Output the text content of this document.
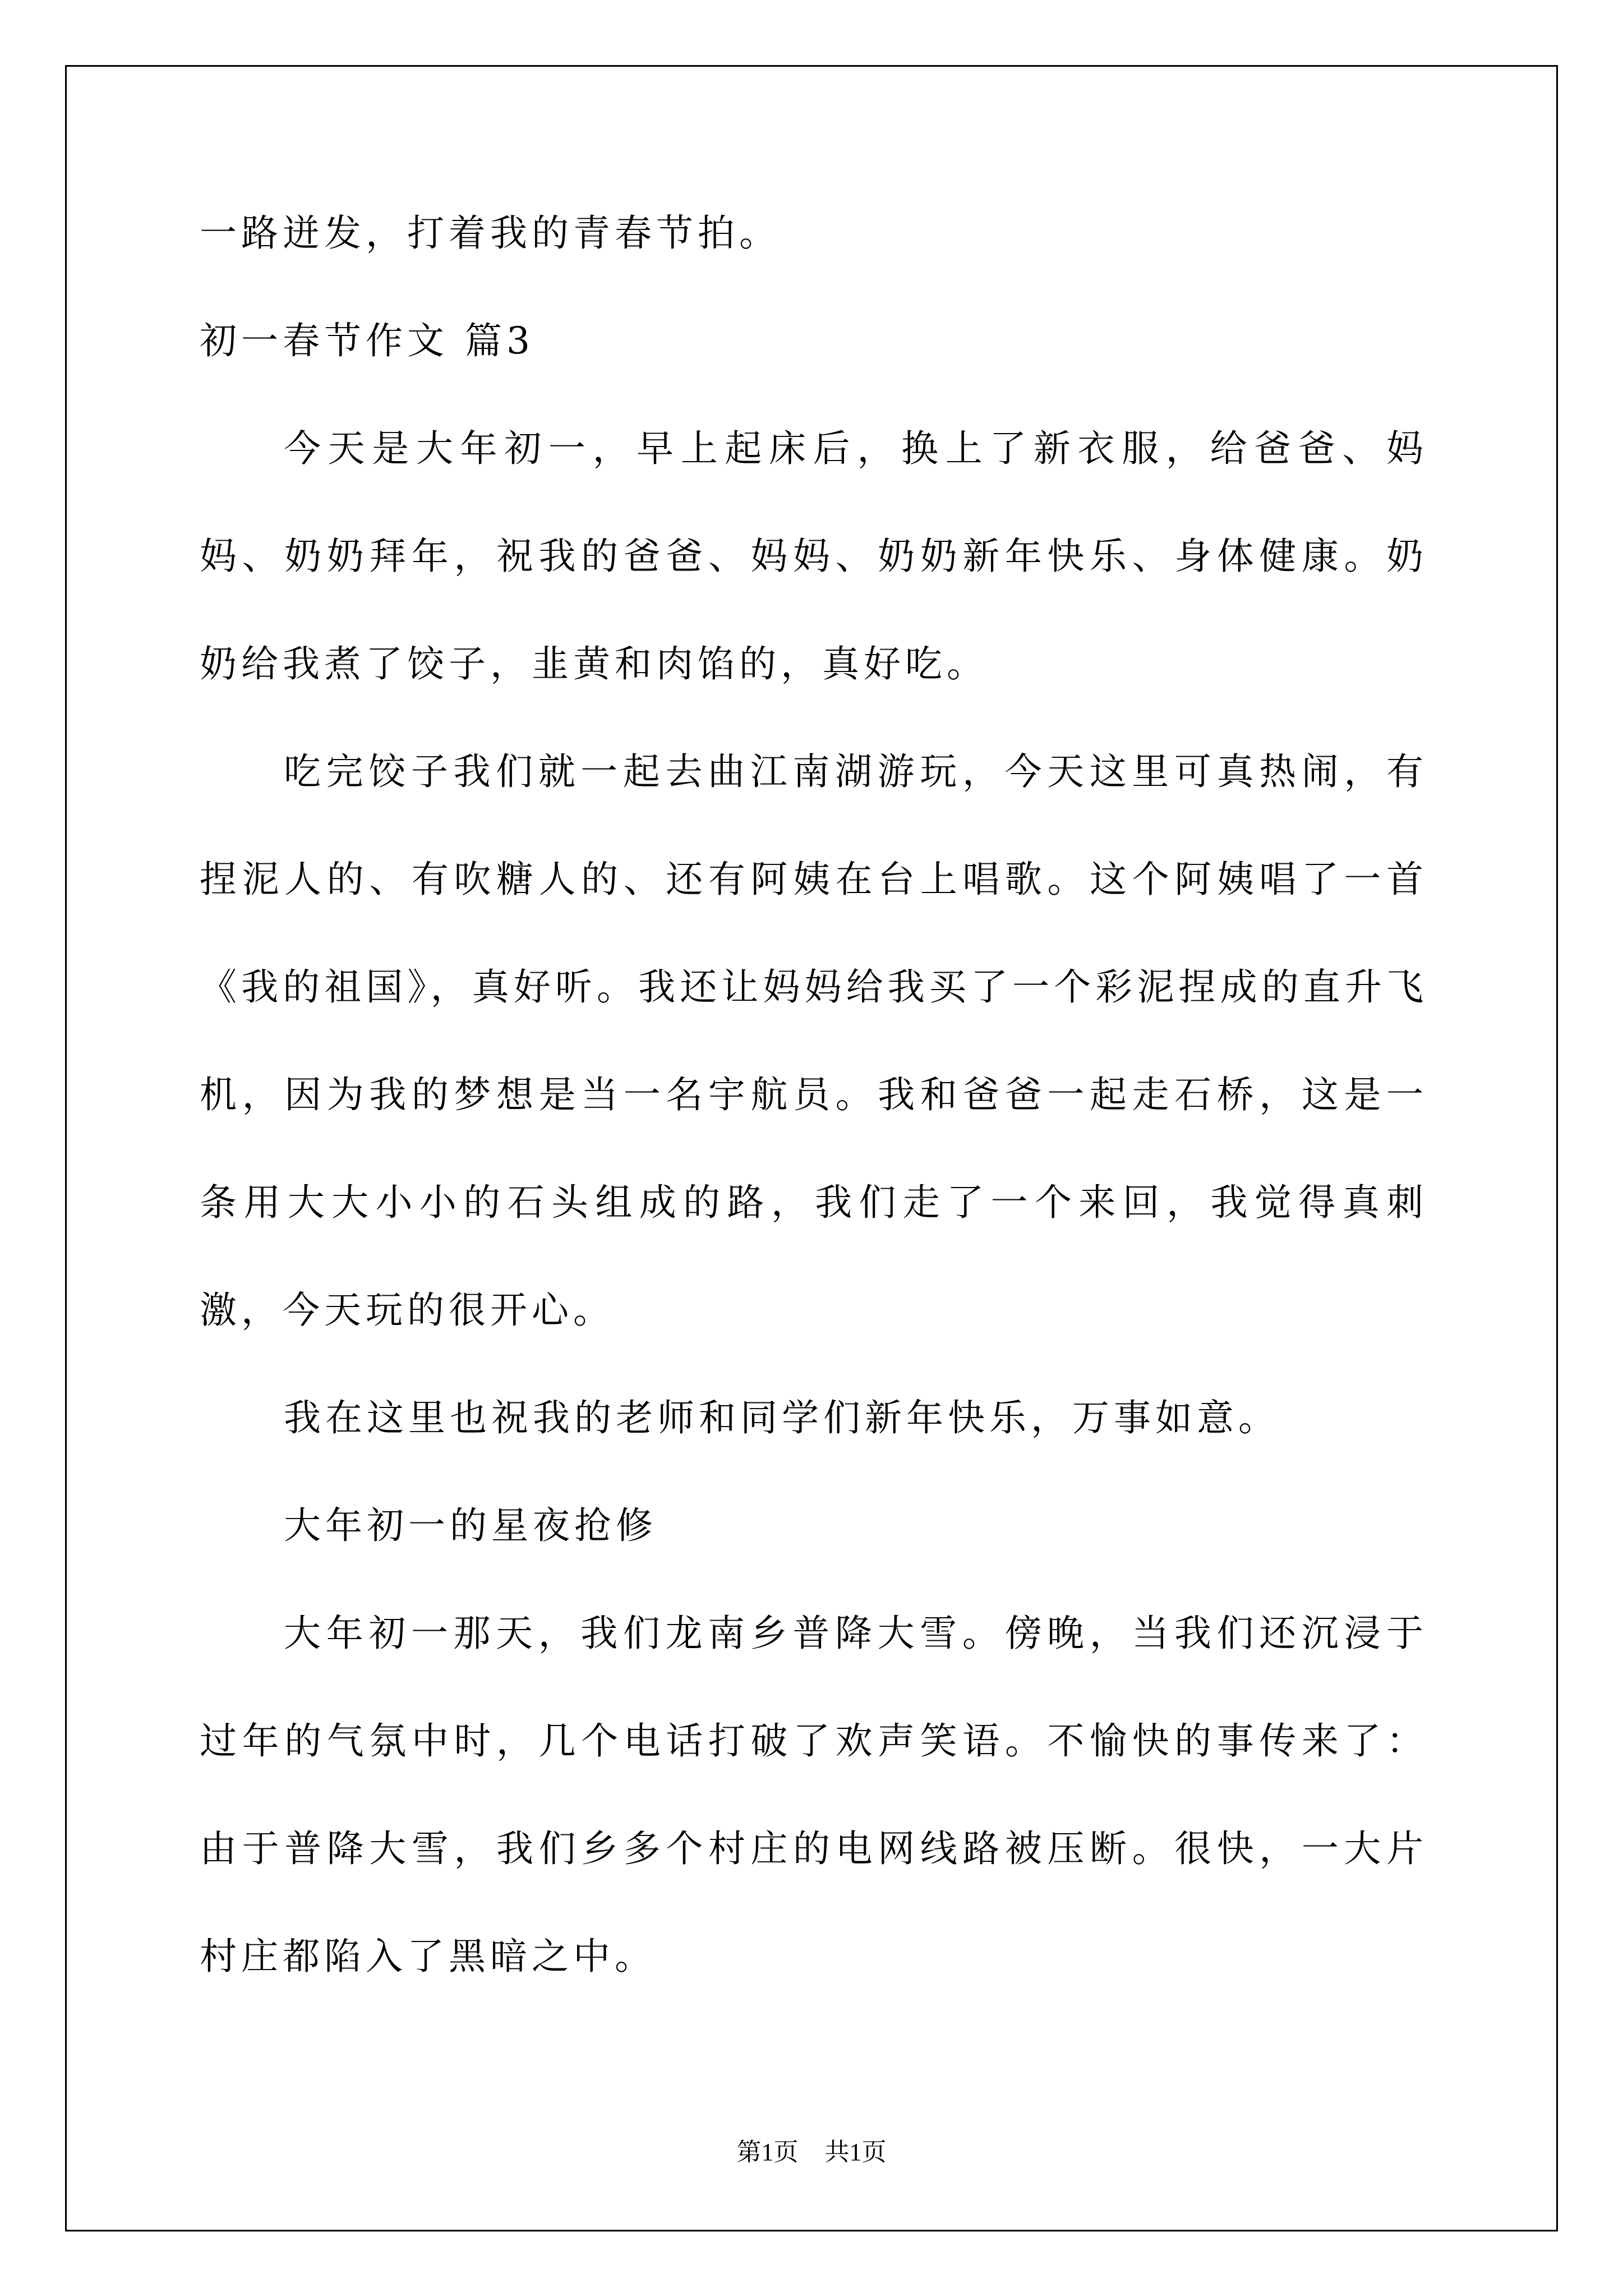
一路迸发，打着我的青春节拍。

初一春节作文 篇3

今天是大年初一，早上起床后，换上了新衣服，给爸爸、妈妈、奶奶拜年，祝我的爸爸、妈妈、奶奶新年快乐、身体健康。奶奶给我煮了饺子，韭黄和肉馅的，真好吃。

吃完饺子我们就一起去曲江南湖游玩，今天这里可真热闹，有捏泥人的、有吹糖人的、还有阿姨在台上唱歌。这个阿姨唱了一首《我的祖国》，真好听。我还让妈妈给我买了一个彩泥捏成的直升飞机，因为我的梦想是当一名宇航员。我和爸爸一起走石桥，这是一条用大大小小的石头组成的路，我们走了一个来回，我觉得真刺激，今天玩的很开心。

我在这里也祝我的老师和同学们新年快乐，万事如意。

大年初一的星夜抢修

大年初一那天，我们龙南乡普降大雪。傍晚，当我们还沉浸于过年的气氛中时，几个电话打破了欢声笑语。不愉快的事传来了：由于普降大雪，我们乡多个村庄的电网线路被压断。很快，一大片村庄都陷入了黑暗之中。

第1页 共1页
